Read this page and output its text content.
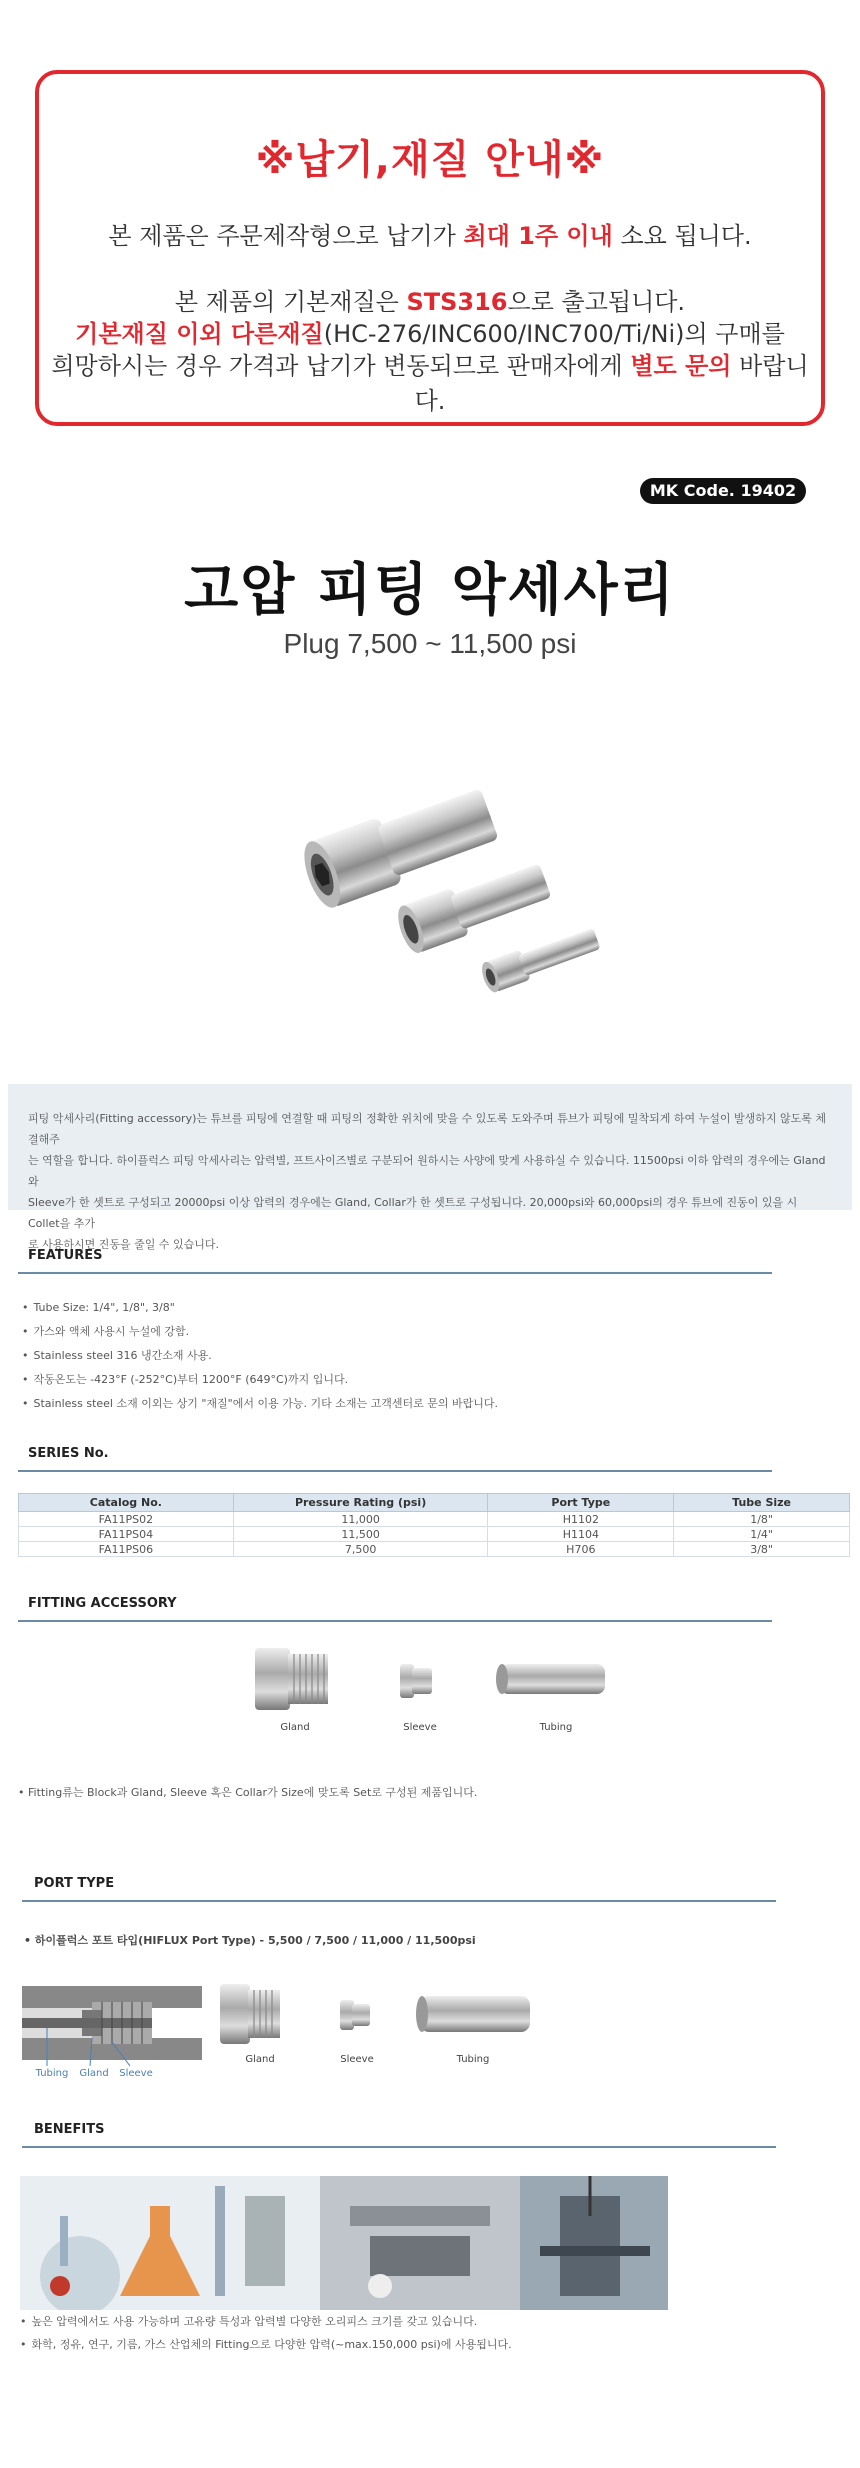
※납기,재질 안내※
본 제품은 주문제작형으로 납기가 최대 1주 이내 소요 됩니다.
본 제품의 기본재질은 STS316으로 출고됩니다.
기본재질 이외 다른재질(HC-276/INC600/INC700/Ti/Ni)의 구매를
희망하시는 경우 가격과 납기가 변동되므로 판매자에게 별도 문의 바랍니다.
MK Code. 19402
고압 피팅 악세사리
Plug 7,500 ~ 11,500 psi
피팅 악세사리(Fitting accessory)는 튜브를 피팅에 연결할 때 피팅의 정확한 위치에 맞을 수 있도록 도와주며 튜브가 피팅에 밀착되게 하여 누설이 발생하지 않도록 체결해주
는 역할을 합니다. 하이플럭스 피팅 악세사리는 압력별, 프트사이즈별로 구분되어 원하시는 사양에 맞게 사용하실 수 있습니다. 11500psi 이하 압력의 경우에는 Gland와
Sleeve가 한 셋트로 구성되고 20000psi 이상 압력의 경우에는 Gland, Collar가 한 셋트로 구성됩니다. 20,000psi와 60,000psi의 경우 튜브에 진동이 있을 시 Collet을 추가
로 사용하시면 진동을 줄일 수 있습니다.
FEATURES
• Tube Size: 1/4", 1/8", 3/8"
• 가스와 액체 사용시 누설에 강함.
• Stainless steel 316 냉간소재 사용.
• 작동온도는 -423°F (-252°C)부터 1200°F (649°C)까지 입니다.
• Stainless steel 소재 이외는 상기 "재질"에서 이용 가능. 기타 소재는 고객센터로 문의 바랍니다.
SERIES No.
Catalog No.	Pressure Rating (psi)	Port Type	Tube Size
FA11PS02	11,000	H1102	1/8"
FA11PS04	11,500	H1104	1/4"
FA11PS06	7,500	H706	3/8"
FITTING ACCESSORY
Gland	Sleeve	Tubing
• Fitting류는 Block과 Gland, Sleeve 혹은 Collar가 Size에 맞도록 Set로 구성된 제품입니다.
PORT TYPE
• 하이플럭스 포트 타입(HIFLUX Port Type) - 5,500 / 7,500 / 11,000 / 11,500psi
Tubing	Gland	Sleeve
Gland	Sleeve	Tubing
BENEFITS
• 높은 압력에서도 사용 가능하며 고유량 특성과 압력별 다양한 오리피스 크기를 갖고 있습니다.
• 화학, 정유, 연구, 기름, 가스 산업체의 Fitting으로 다양한 압력(~max.150,000 psi)에 사용됩니다.
